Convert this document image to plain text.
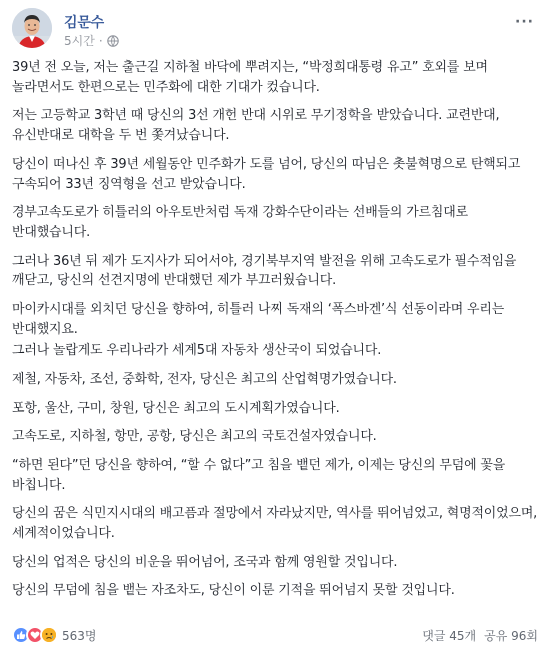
김문수
5시간 ·
···

39년 전 오늘, 저는 출근길 지하철 바닥에 뿌려지는, “박정희대통령 유고” 호외를 보며 놀라면서도 한편으로는 민주화에 대한 기대가 컸습니다.

저는 고등학교 3학년 때 당신의 3선 개헌 반대 시위로 무기정학을 받았습니다. 교련반대, 유신반대로 대학을 두 번 쫓겨났습니다.

당신이 떠나신 후 39년 세월동안 민주화가 도를 넘어, 당신의 따님은 촛불혁명으로 탄핵되고 구속되어 33년 징역형을 선고 받았습니다.

경부고속도로가 히틀러의 아우토반처럼 독재 강화수단이라는 선배들의 가르침대로 반대했습니다.

그러나 36년 뒤 제가 도지사가 되어서야, 경기북부지역 발전을 위해 고속도로가 필수적임을 깨닫고, 당신의 선견지명에 반대했던 제가 부끄러웠습니다.

마이카시대를 외치던 당신을 향하여, 히틀러 나찌 독재의 ‘폭스바겐’식 선동이라며 우리는 반대했지요.

그러나 놀랍게도 우리나라가 세계5대 자동차 생산국이 되었습니다.

제철, 자동차, 조선, 중화학, 전자, 당신은 최고의 산업혁명가였습니다.

포항, 울산, 구미, 창원, 당신은 최고의 도시계획가였습니다.

고속도로, 지하철, 항만, 공항, 당신은 최고의 국토건설자였습니다.

“하면 된다”던 당신을 향하여, “할 수 없다”고 침을 뱉던 제가, 이제는 당신의 무덤에 꽃을 바칩니다.

당신의 꿈은 식민지시대의 배고픔과 절망에서 자라났지만, 역사를 뛰어넘었고, 혁명적이었으며, 세계적이었습니다.

당신의 업적은 당신의 비운을 뛰어넘어, 조국과 함께 영원할 것입니다.

당신의 무덤에 침을 뱉는 자조차도, 당신이 이룬 기적을 뛰어넘지 못할 것입니다.

563명	댓글 45개 공유 96회
